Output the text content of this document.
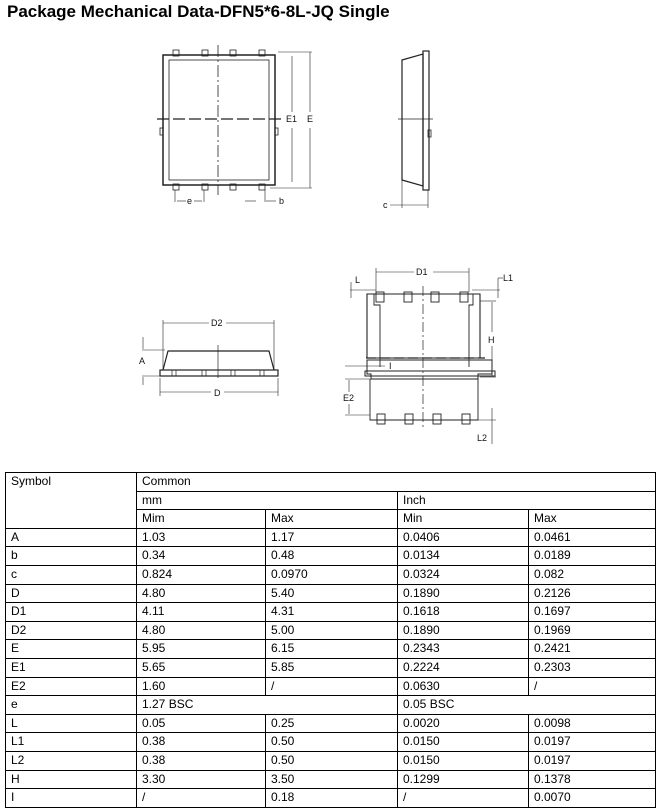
Package Mechanical Data-DFN5*6-8L-JQ Single
E1 E
e	b	c
D2
A
D
D1
L	L1
H
I
E2
L2
Symbol	Common			
	mm		Inch	
	Mim	Max	Min	Max
A	1.03	1.17	0.0406	0.0461
b	0.34	0.48	0.0134	0.0189
c	0.824	0.0970	0.0324	0.082
D	4.80	5.40	0.1890	0.2126
D1	4.11	4.31	0.1618	0.1697
D2	4.80	5.00	0.1890	0.1969
E	5.95	6.15	0.2343	0.2421
E1	5.65	5.85	0.2224	0.2303
E2	1.60	/	0.0630	/
e	1.27 BSC		0.05 BSC	
L	0.05	0.25	0.0020	0.0098
L1	0.38	0.50	0.0150	0.0197
L2	0.38	0.50	0.0150	0.0197
H	3.30	3.50	0.1299	0.1378
I	/	0.18	/	0.0070
